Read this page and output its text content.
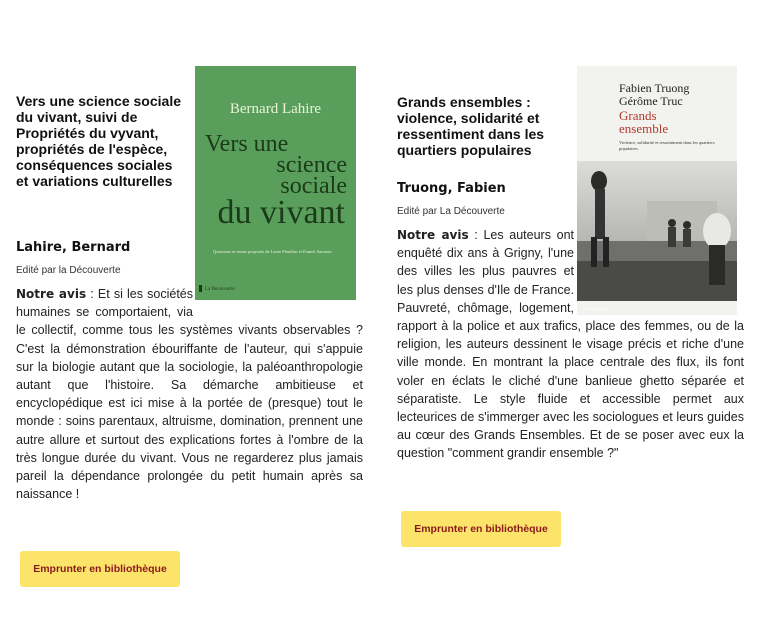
Vers une science sociale du vivant, suivi de Propriétés du vyvant, propriétés de l'espèce, conséquences sociales et variations culturelles
Lahire, Bernard
Edité par la Découverte

Notre avis : Et si les sociétés humaines se comportaient, via le collectif, comme tous les systèmes vivants observables ? C'est la démonstration ébouriffante de l'auteur, qui s'appuie sur la biologie autant que la sociologie, la paléoanthropologie autant que l'histoire. Sa démarche ambitieuse et encyclopédique est ici mise à la portée de (presque) tout le monde : soins parentaux, altruisme, domination, prennent une autre allure et surtout des explications fortes à l'ombre de la très longue durée du vivant. Vous ne regarderez plus jamais pareil la dépendance prolongée du petit humain après sa naissance !

Emprunter en bibliothèque
Bernard Lahire
Vers une
science
sociale
du vivant
Questions et essais proposés de Laure Flandrin et Franck Sarrazin
La Découverte
Grands ensembles : violence, solidarité et ressentiment dans les quartiers populaires
Truong, Fabien
Edité par La Découverte

Notre avis : Les auteurs ont enquêté dix ans à Grigny, l'une des villes les plus pauvres et les plus denses d'Ile de France. Pauvreté, chômage, logement, rapport à la police et aux trafics, place des femmes, ou de la religion, les auteurs dessinent le visage précis et riche d'une ville monde. En montrant la place centrale des flux, ils font voler en éclats le cliché d'une banlieue ghetto séparée et séparatiste. Le style fluide et accessible permet aux lecteurices de s'immerger avec les sociologues et leurs guides au cœur des Grands Ensembles. Et de se poser avec eux la question "comment grandir ensemble ?"

Emprunter en bibliothèque
Fabien Truong
Gérôme Truc
Grands
ensemble
Violence, solidarité et ressentiment dans les quartiers populaires
La Découverte
